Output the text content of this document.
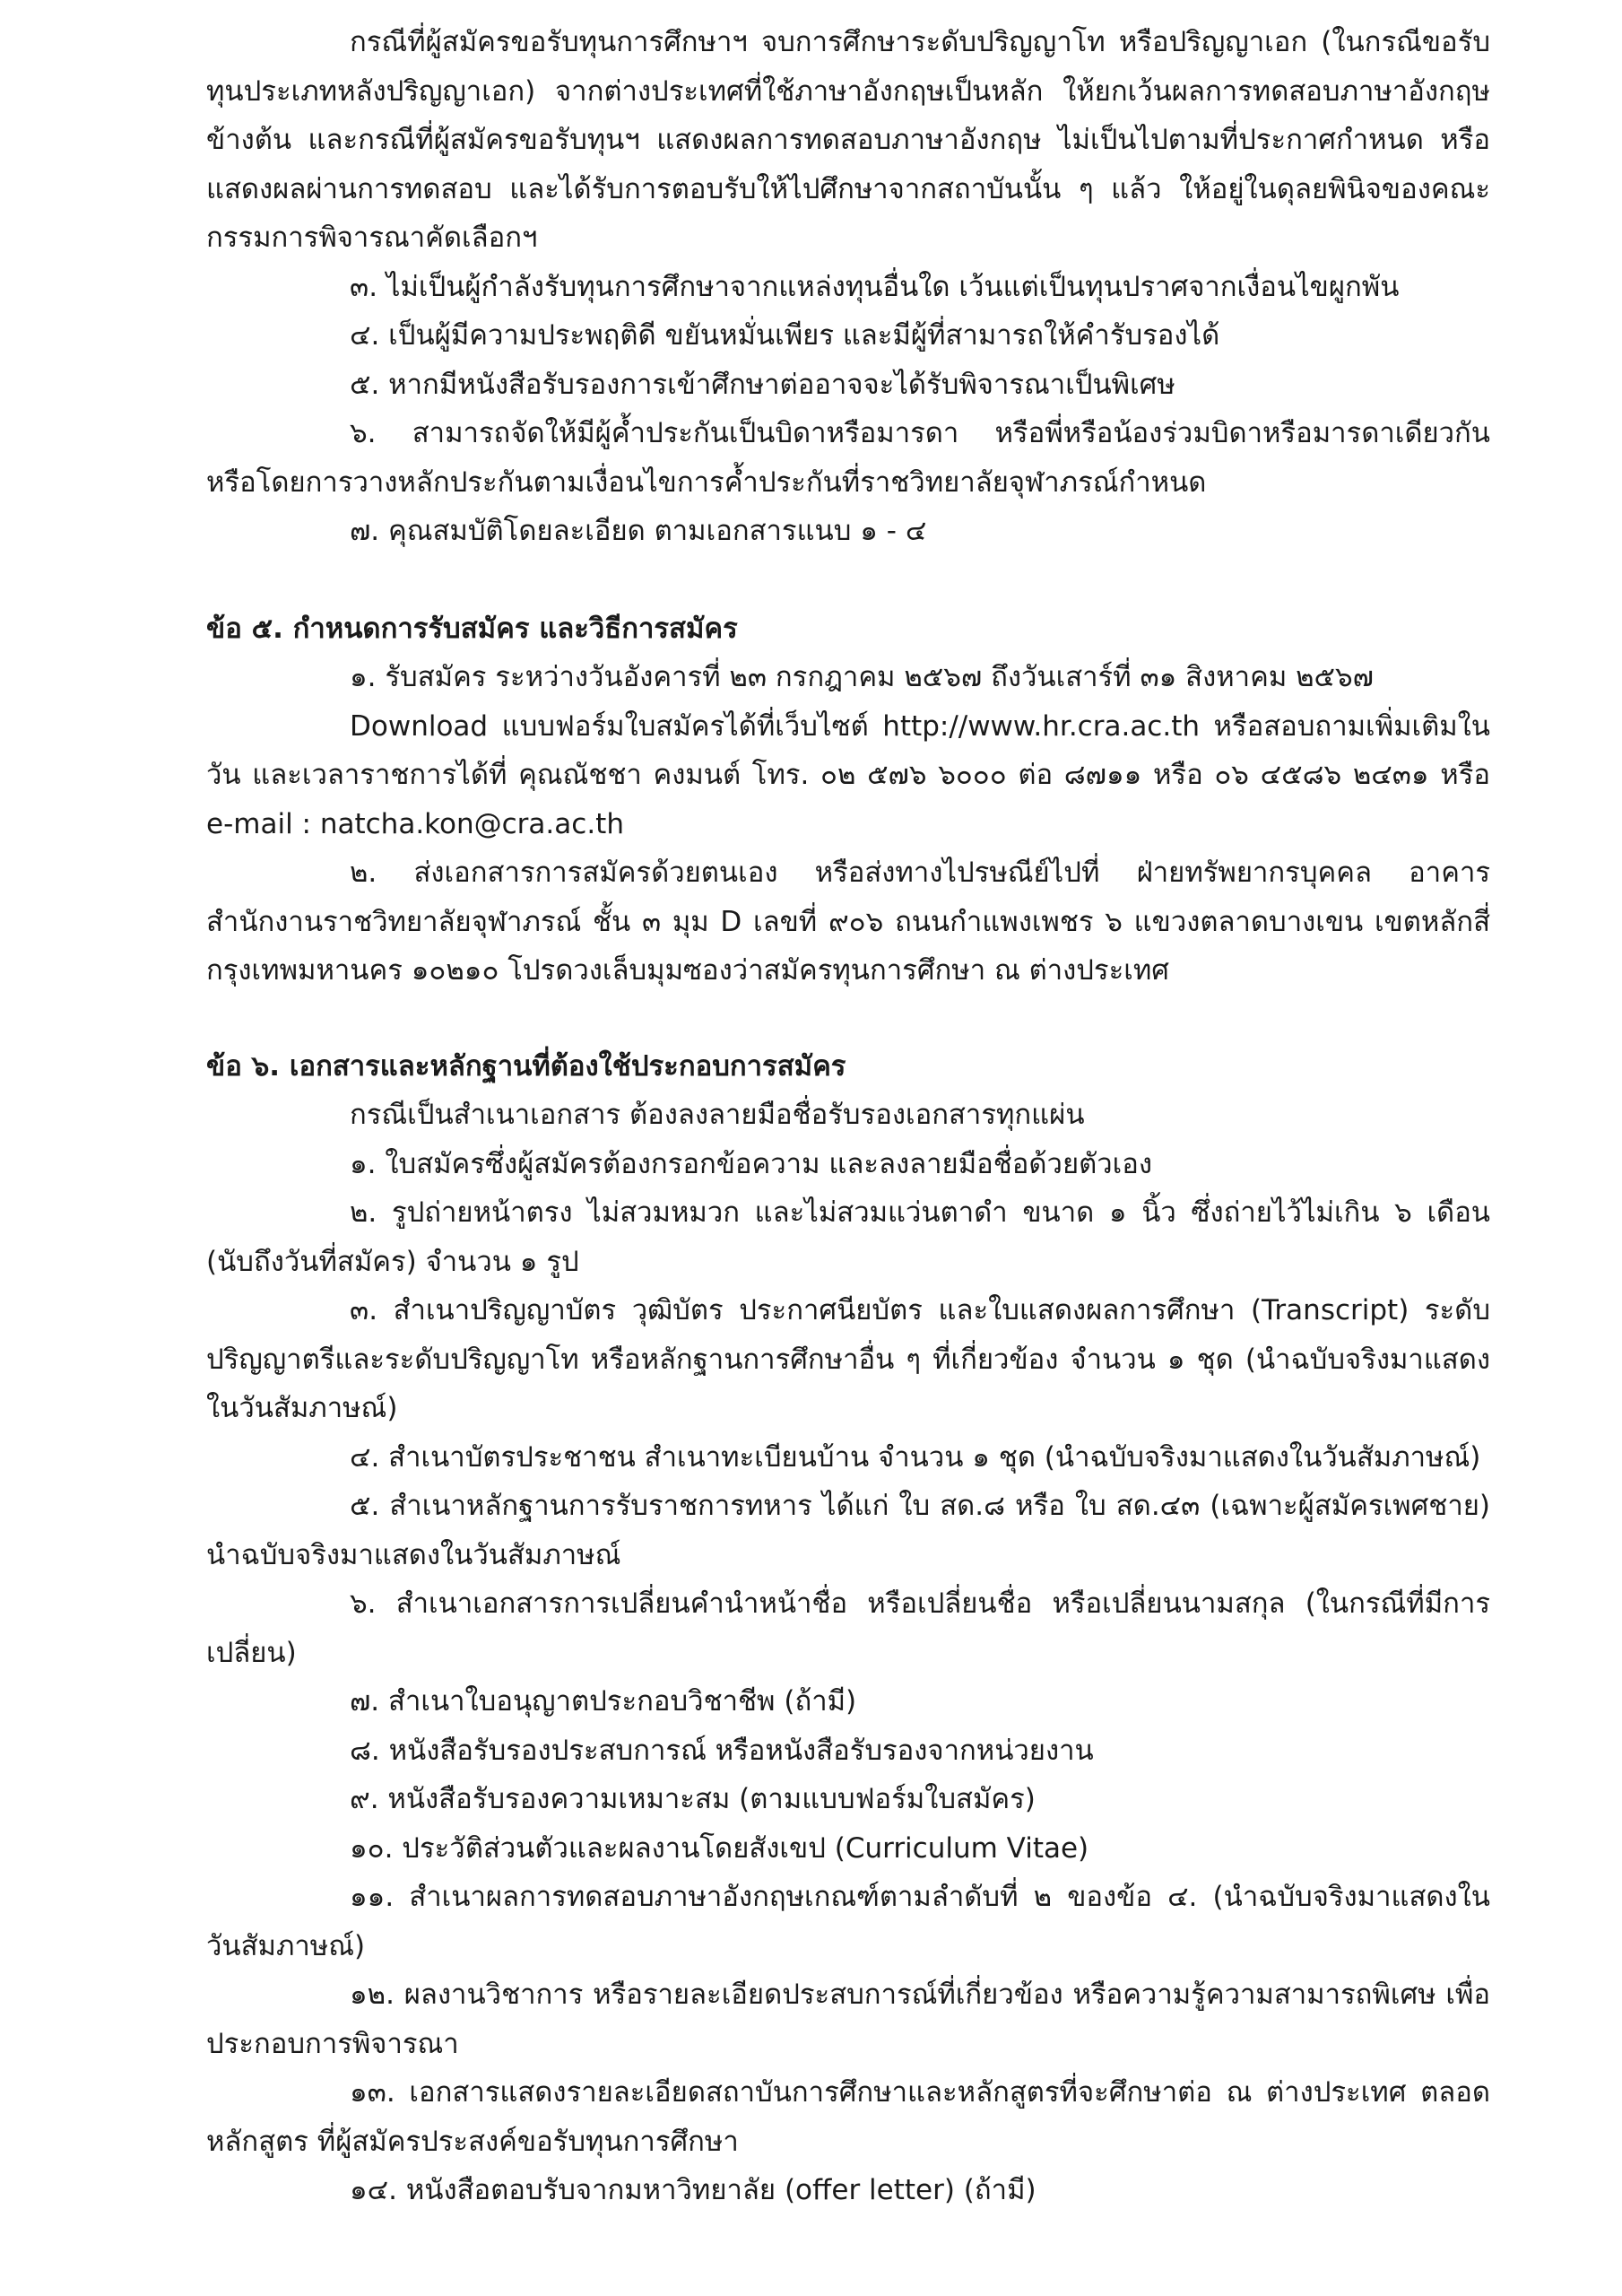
กรณีที่ผู้สมัครขอรับทุนการศึกษาฯ จบการศึกษาระดับปริญญาโท หรือปริญญาเอก (ในกรณีขอรับทุนประเภทหลังปริญญาเอก) จากต่างประเทศที่ใช้ภาษาอังกฤษเป็นหลัก ให้ยกเว้นผลการทดสอบภาษาอังกฤษข้างต้น และกรณีที่ผู้สมัครขอรับทุนฯ แสดงผลการทดสอบภาษาอังกฤษ ไม่เป็นไปตามที่ประกาศกำหนด หรือแสดงผลผ่านการทดสอบ และได้รับการตอบรับให้ไปศึกษาจากสถาบันนั้น ๆ แล้ว ให้อยู่ในดุลยพินิจของคณะกรรมการพิจารณาคัดเลือกฯ

๓. ไม่เป็นผู้กำลังรับทุนการศึกษาจากแหล่งทุนอื่นใด เว้นแต่เป็นทุนปราศจากเงื่อนไขผูกพัน

๔. เป็นผู้มีความประพฤติดี ขยันหมั่นเพียร และมีผู้ที่สามารถให้คำรับรองได้

๕. หากมีหนังสือรับรองการเข้าศึกษาต่ออาจจะได้รับพิจารณาเป็นพิเศษ

๖. สามารถจัดให้มีผู้ค้ำประกันเป็นบิดาหรือมารดา หรือพี่หรือน้องร่วมบิดาหรือมารดาเดียวกัน หรือโดยการวางหลักประกันตามเงื่อนไขการค้ำประกันที่ราชวิทยาลัยจุฬาภรณ์กำหนด

๗. คุณสมบัติโดยละเอียด ตามเอกสารแนบ ๑ - ๔

ข้อ ๕. กำหนดการรับสมัคร และวิธีการสมัคร

๑. รับสมัคร ระหว่างวันอังคารที่ ๒๓ กรกฎาคม ๒๕๖๗ ถึงวันเสาร์ที่ ๓๑ สิงหาคม ๒๕๖๗

Download แบบฟอร์มใบสมัครได้ที่เว็บไซต์ http://www.hr.cra.ac.th หรือสอบถามเพิ่มเติมในวัน และเวลาราชการได้ที่ คุณณัชชา คงมนต์ โทร. ๐๒ ๕๗๖ ๖๐๐๐ ต่อ ๘๗๑๑ หรือ ๐๖ ๔๕๘๖ ๒๔๓๑ หรือ e-mail : natcha.kon@cra.ac.th

๒. ส่งเอกสารการสมัครด้วยตนเอง หรือส่งทางไปรษณีย์ไปที่ ฝ่ายทรัพยากรบุคคล อาคารสำนักงานราชวิทยาลัยจุฬาภรณ์ ชั้น ๓ มุม D เลขที่ ๙๐๖ ถนนกำแพงเพชร ๖ แขวงตลาดบางเขน เขตหลักสี่ กรุงเทพมหานคร ๑๐๒๑๐ โปรดวงเล็บมุมซองว่าสมัครทุนการศึกษา ณ ต่างประเทศ

ข้อ ๖. เอกสารและหลักฐานที่ต้องใช้ประกอบการสมัคร

กรณีเป็นสำเนาเอกสาร ต้องลงลายมือชื่อรับรองเอกสารทุกแผ่น

๑. ใบสมัครซึ่งผู้สมัครต้องกรอกข้อความ และลงลายมือชื่อด้วยตัวเอง

๒. รูปถ่ายหน้าตรง ไม่สวมหมวก และไม่สวมแว่นตาดำ ขนาด ๑ นิ้ว ซึ่งถ่ายไว้ไม่เกิน ๖ เดือน (นับถึงวันที่สมัคร) จำนวน ๑ รูป

๓. สำเนาปริญญาบัตร วุฒิบัตร ประกาศนียบัตร และใบแสดงผลการศึกษา (Transcript) ระดับปริญญาตรีและระดับปริญญาโท หรือหลักฐานการศึกษาอื่น ๆ ที่เกี่ยวข้อง จำนวน ๑ ชุด (นำฉบับจริงมาแสดงในวันสัมภาษณ์)

๔. สำเนาบัตรประชาชน สำเนาทะเบียนบ้าน จำนวน ๑ ชุด (นำฉบับจริงมาแสดงในวันสัมภาษณ์)

๕. สำเนาหลักฐานการรับราชการทหาร ได้แก่ ใบ สด.๘ หรือ ใบ สด.๔๓ (เฉพาะผู้สมัครเพศชาย) นำฉบับจริงมาแสดงในวันสัมภาษณ์

๖. สำเนาเอกสารการเปลี่ยนคำนำหน้าชื่อ หรือเปลี่ยนชื่อ หรือเปลี่ยนนามสกุล (ในกรณีที่มีการเปลี่ยน)

๗. สำเนาใบอนุญาตประกอบวิชาชีพ (ถ้ามี)

๘. หนังสือรับรองประสบการณ์ หรือหนังสือรับรองจากหน่วยงาน

๙. หนังสือรับรองความเหมาะสม (ตามแบบฟอร์มใบสมัคร)

๑๐. ประวัติส่วนตัวและผลงานโดยสังเขป (Curriculum Vitae)

๑๑. สำเนาผลการทดสอบภาษาอังกฤษเกณฑ์ตามลำดับที่ ๒ ของข้อ ๔. (นำฉบับจริงมาแสดงในวันสัมภาษณ์)

๑๒. ผลงานวิชาการ หรือรายละเอียดประสบการณ์ที่เกี่ยวข้อง หรือความรู้ความสามารถพิเศษ เพื่อประกอบการพิจารณา

๑๓. เอกสารแสดงรายละเอียดสถาบันการศึกษาและหลักสูตรที่จะศึกษาต่อ ณ ต่างประเทศ ตลอดหลักสูตร ที่ผู้สมัครประสงค์ขอรับทุนการศึกษา

๑๔. หนังสือตอบรับจากมหาวิทยาลัย (offer letter) (ถ้ามี)
